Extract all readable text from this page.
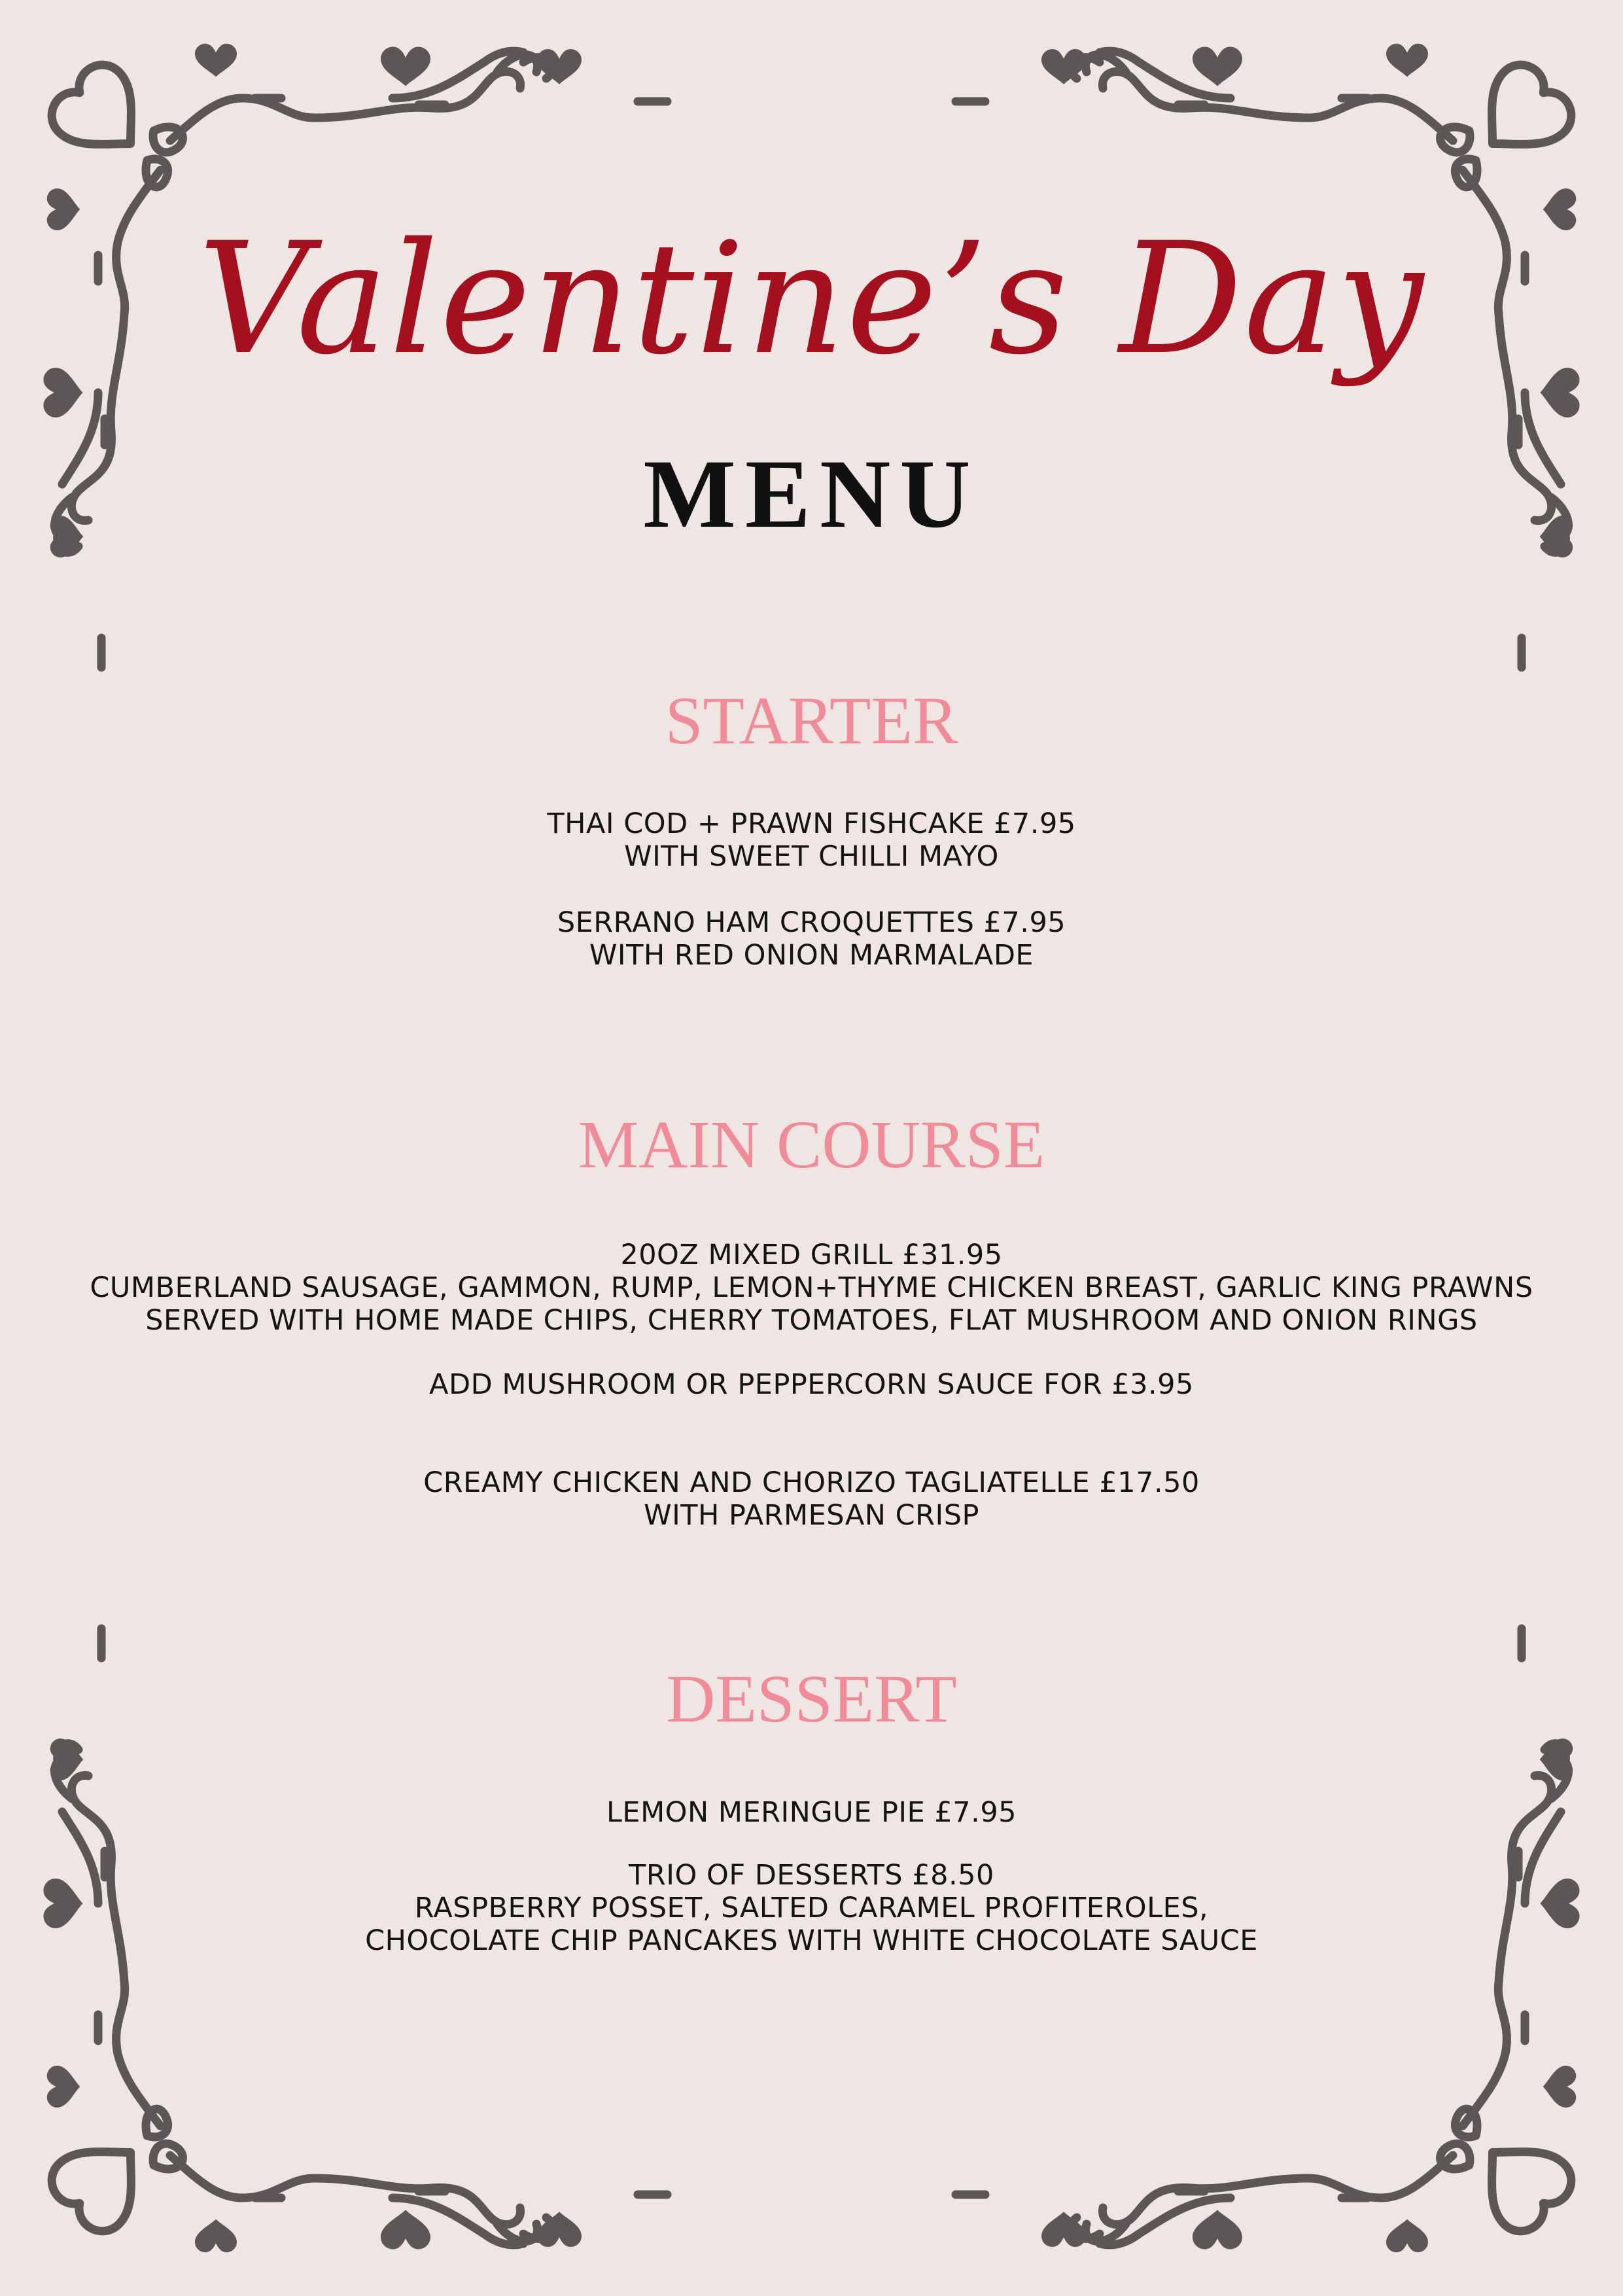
Valentine’s Day
MENU
STARTER
THAI COD + PRAWN FISHCAKE £7.95
WITH SWEET CHILLI MAYO
SERRANO HAM CROQUETTES £7.95
WITH RED ONION MARMALADE
MAIN COURSE
20OZ MIXED GRILL £31.95
CUMBERLAND SAUSAGE, GAMMON, RUMP, LEMON+THYME CHICKEN BREAST, GARLIC KING PRAWNS
SERVED WITH HOME MADE CHIPS, CHERRY TOMATOES, FLAT MUSHROOM AND ONION RINGS
ADD MUSHROOM OR PEPPERCORN SAUCE FOR £3.95
CREAMY CHICKEN AND CHORIZO TAGLIATELLE £17.50
WITH PARMESAN CRISP
DESSERT
LEMON MERINGUE PIE £7.95
TRIO OF DESSERTS £8.50
RASPBERRY POSSET, SALTED CARAMEL PROFITEROLES,
CHOCOLATE CHIP PANCAKES WITH WHITE CHOCOLATE SAUCE
